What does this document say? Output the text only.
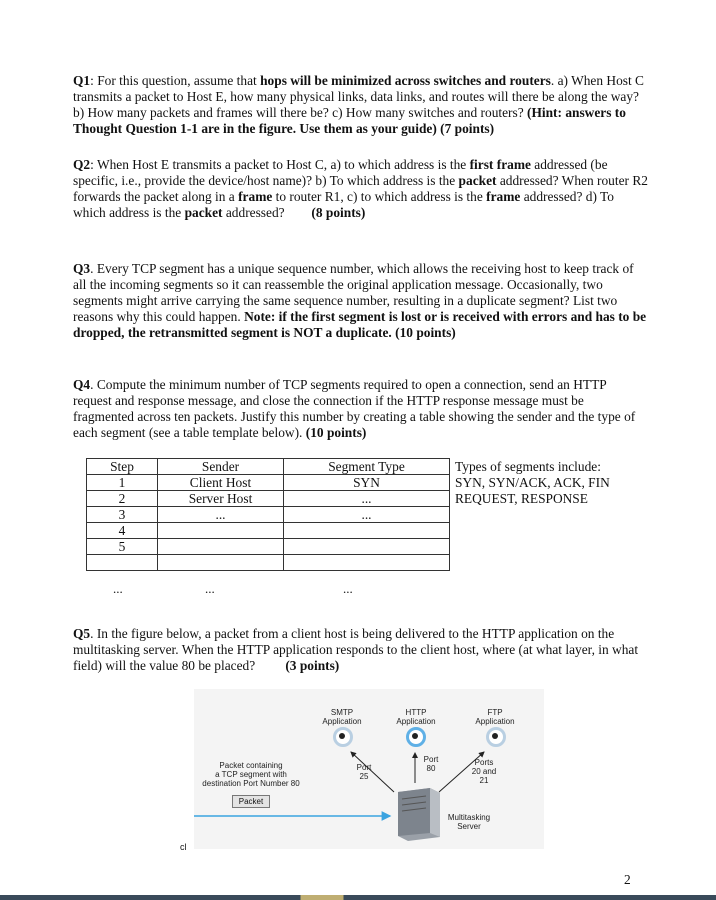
Q1: For this question, assume that hops will be minimized across switches and routers. a) When Host C transmits a packet to Host E, how many physical links, data links, and routes will there be along the way? b) How many packets and frames will there be? c) How many switches and routers? (Hint: answers to Thought Question 1-1 are in the figure. Use them as your guide) (7 points)

Q2: When Host E transmits a packet to Host C, a) to which address is the first frame addressed (be specific, i.e., provide the device/host name)? b) To which address is the packet addressed? When router R2 forwards the packet along in a frame to router R1, c) to which address is the frame addressed? d) To which address is the packet addressed? (8 points)

Q3. Every TCP segment has a unique sequence number, which allows the receiving host to keep track of all the incoming segments so it can reassemble the original application message. Occasionally, two segments might arrive carrying the same sequence number, resulting in a duplicate segment? List two reasons why this could happen. Note: if the first segment is lost or is received with errors and has to be dropped, the retransmitted segment is NOT a duplicate. (10 points)

Q4. Compute the minimum number of TCP segments required to open a connection, send an HTTP request and response message, and close the connection if the HTTP response message must be fragmented across ten packets. Justify this number by creating a table showing the sender and the type of each segment (see a table template below). (10 points)

Step	Sender	Segment Type
1	Client Host	SYN
2	Server Host	...
3	...	...
4		
5		

...	...	...
Types of segments include:
SYN, SYN/ACK, ACK, FIN
REQUEST, RESPONSE

Q5. In the figure below, a packet from a client host is being delivered to the HTTP application on the multitasking server. When the HTTP application responds to the client host, where (at what layer, in what field) will the value 80 be placed? (3 points)

SMTP
Application
HTTP
Application
FTP
Application
Port
25
Port
80
Ports
20 and
21
Packet containing
a TCP segment with
destination Port Number 80
Packet
Multitasking
Server
cl
2
